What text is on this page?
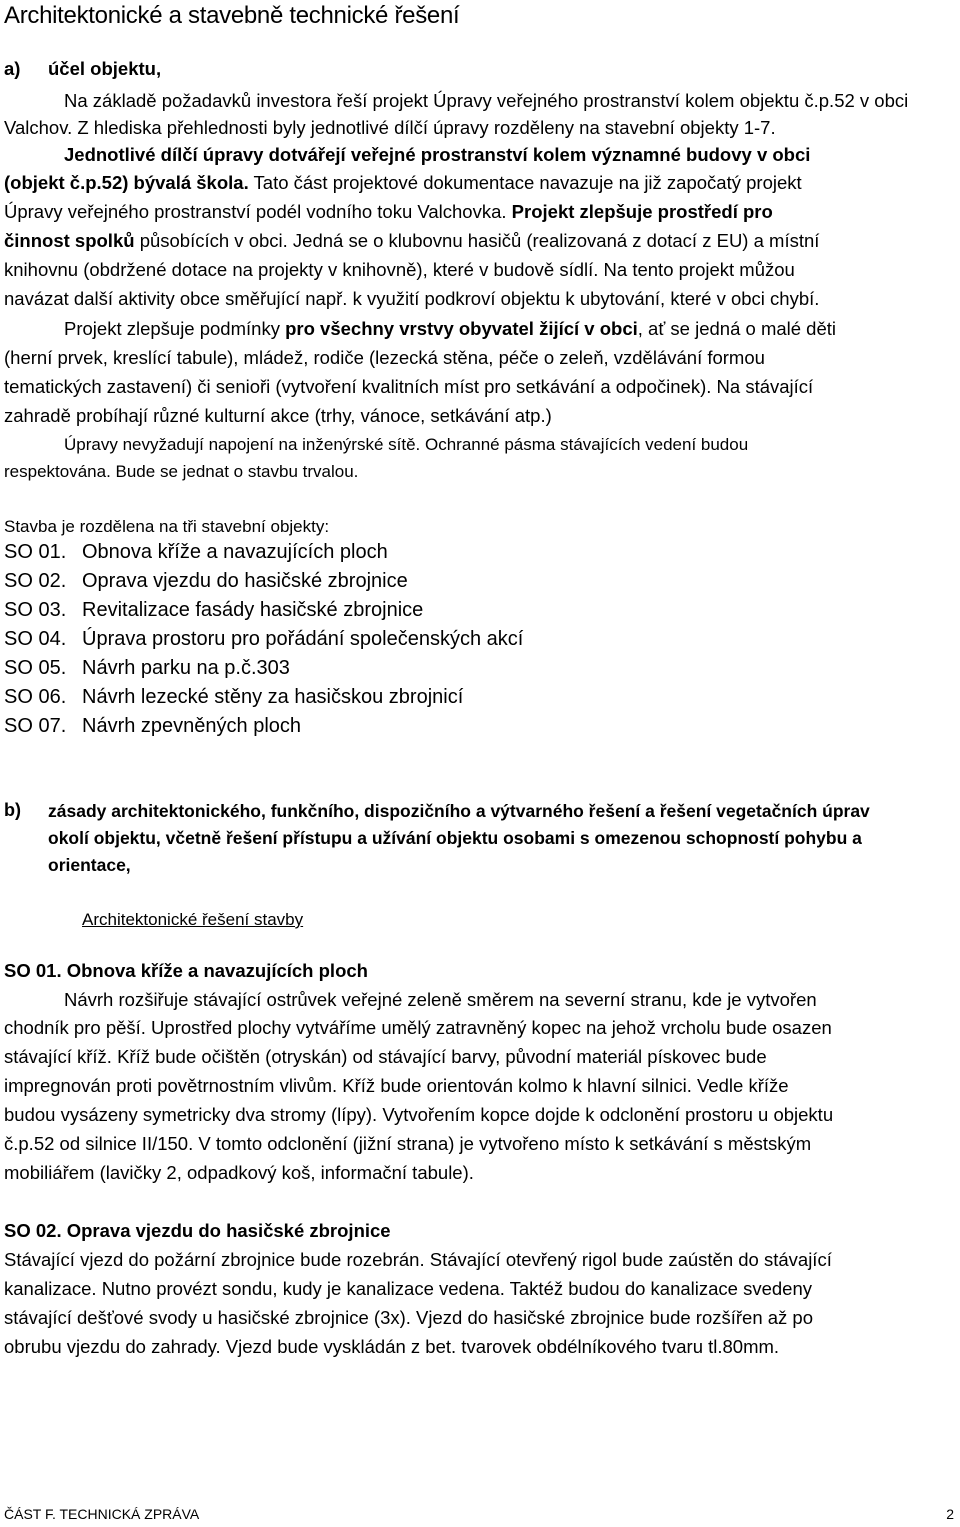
Architektonické a stavebně technické řešení
a) účel objektu,
Na základě požadavků investora řeší projekt Úpravy veřejného prostranství kolem objektu č.p.52 v obci
Valchov. Z hlediska přehlednosti byly jednotlivé dílčí úpravy rozděleny na stavební objekty 1-7.
Jednotlivé dílčí úpravy dotvářejí veřejné prostranství kolem významné budovy v obci
(objekt č.p.52) bývalá škola. Tato část projektové dokumentace navazuje na již započatý projekt
Úpravy veřejného prostranství podél vodního toku Valchovka. Projekt zlepšuje prostředí pro
činnost spolků působících v obci. Jedná se o klubovnu hasičů (realizovaná z dotací z EU) a místní
knihovnu (obdržené dotace na projekty v knihovně), které v budově sídlí. Na tento projekt můžou
navázat další aktivity obce směřující např. k využití podkroví objektu k ubytování, které v obci chybí.
Projekt zlepšuje podmínky pro všechny vrstvy obyvatel žijící v obci, ať se jedná o malé děti
(herní prvek, kreslící tabule), mládež, rodiče (lezecká stěna, péče o zeleň, vzdělávání formou
tematických zastavení) či senioři (vytvoření kvalitních míst pro setkávání a odpočinek). Na stávající
zahradě probíhají různé kulturní akce (trhy, vánoce, setkávání atp.)
Úpravy nevyžadují napojení na inženýrské sítě. Ochranné pásma stávajících vedení budou
respektována. Bude se jednat o stavbu trvalou.
Stavba je rozdělena na tři stavební objekty:
SO 01. Obnova kříže a navazujících ploch
SO 02. Oprava vjezdu do hasičské zbrojnice
SO 03. Revitalizace fasády hasičské zbrojnice
SO 04. Úprava prostoru pro pořádání společenských akcí
SO 05. Návrh parku na p.č.303
SO 06. Návrh lezecké stěny za hasičskou zbrojnicí
SO 07. Návrh zpevněných ploch
b) zásady architektonického, funkčního, dispozičního a výtvarného řešení a řešení vegetačních úprav
okolí objektu, včetně řešení přístupu a užívání objektu osobami s omezenou schopností pohybu a
orientace,
Architektonické řešení stavby
SO 01. Obnova kříže a navazujících ploch
Návrh rozšiřuje stávající ostrůvek veřejné zeleně směrem na severní stranu, kde je vytvořen
chodník pro pěší. Uprostřed plochy vytváříme umělý zatravněný kopec na jehož vrcholu bude osazen
stávající kříž. Kříž bude očištěn (otryskán) od stávající barvy, původní materiál pískovec bude
impregnován proti povětrnostním vlivům. Kříž bude orientován kolmo k hlavní silnici. Vedle kříže
budou vysázeny symetricky dva stromy (lípy). Vytvořením kopce dojde k odclonění prostoru u objektu
č.p.52 od silnice II/150. V tomto odclonění (jižní strana) je vytvořeno místo k setkávání s městským
mobiliářem (lavičky 2, odpadkový koš, informační tabule).
SO 02. Oprava vjezdu do hasičské zbrojnice
Stávající vjezd do požární zbrojnice bude rozebrán. Stávající otevřený rigol bude zaústěn do stávající
kanalizace. Nutno provézt sondu, kudy je kanalizace vedena. Taktéž budou do kanalizace svedeny
stávající dešťové svody u hasičské zbrojnice (3x). Vjezd do hasičské zbrojnice bude rozšířen až po
obrubu vjezdu do zahrady. Vjezd bude vyskládán z bet. tvarovek obdélníkového tvaru tl.80mm.
ČÁST F. TECHNICKÁ ZPRÁVA	2
